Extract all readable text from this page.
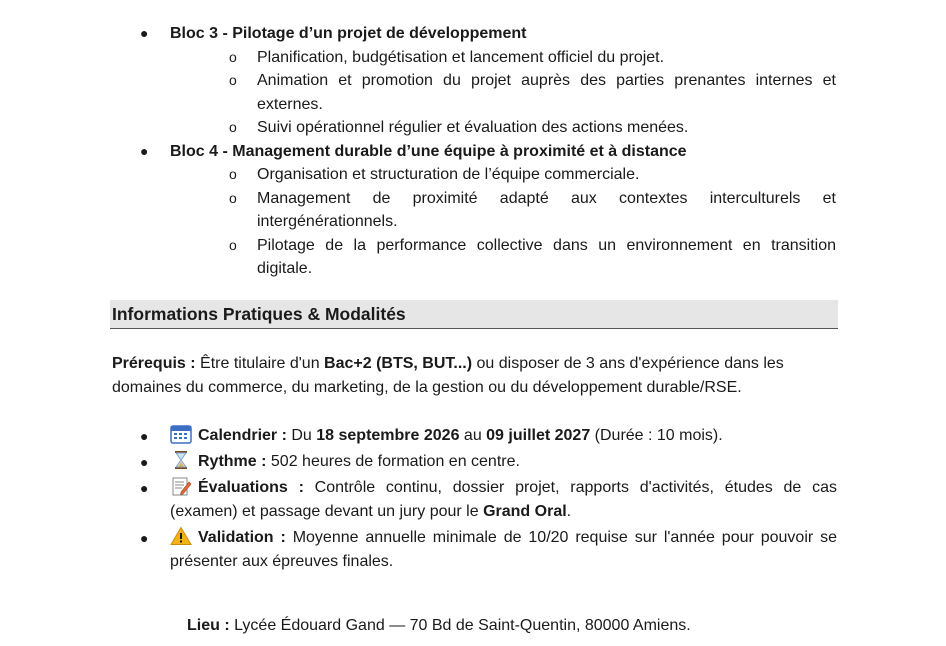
● Bloc 3 - Pilotage d’un projet de développement
o Planification, budgétisation et lancement officiel du projet.
o Animation et promotion du projet auprès des parties prenantes internes et externes.
o Suivi opérationnel régulier et évaluation des actions menées.
● Bloc 4 - Management durable d’une équipe à proximité et à distance
o Organisation et structuration de l’équipe commerciale.
o Management de proximité adapté aux contextes interculturels et intergénérationnels.
o Pilotage de la performance collective dans un environnement en transition digitale.
Informations Pratiques & Modalités

Prérequis : Être titulaire d'un Bac+2 (BTS, BUT...) ou disposer de 3 ans d'expérience dans les domaines du commerce, du marketing, de la gestion ou du développement durable/RSE.

●	Calendrier : Du 18 septembre 2026 au 09 juillet 2027 (Durée : 10 mois).
●	Rythme : 502 heures de formation en centre.
●	Évaluations : Contrôle continu, dossier projet, rapports d'activités, études de cas (examen) et passage devant un jury pour le Grand Oral.
●	Validation : Moyenne annuelle minimale de 10/20 requise sur l'année pour pouvoir se présenter aux épreuves finales.

Lieu : Lycée Édouard Gand — 70 Bd de Saint-Quentin, 80000 Amiens.
